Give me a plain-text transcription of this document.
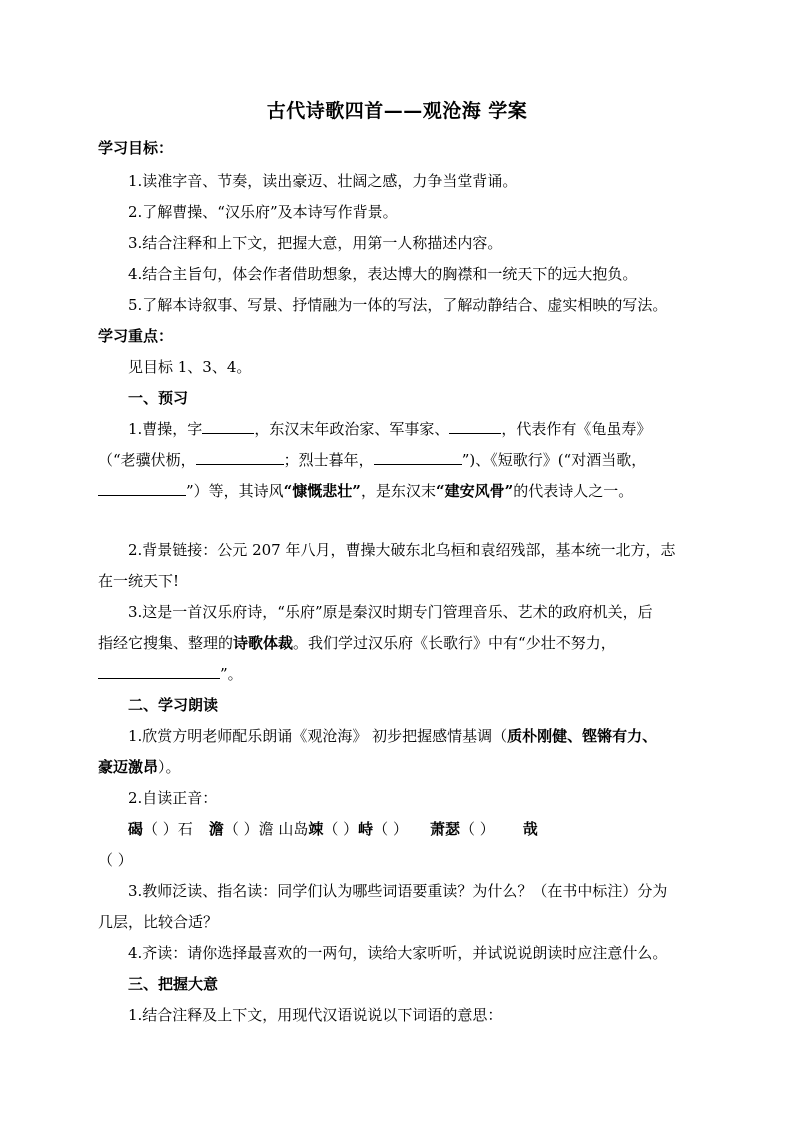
古代诗歌四首——观沧海 学案
学习目标：
1.读准字音、节奏，读出豪迈、壮阔之感，力争当堂背诵。
2.了解曹操、“汉乐府”及本诗写作背景。
3.结合注释和上下文，把握大意，用第一人称描述内容。
4.结合主旨句，体会作者借助想象，表达博大的胸襟和一统天下的远大抱负。
5.了解本诗叙事、写景、抒情融为一体的写法，了解动静结合、虚实相映的写法。
学习重点：
见目标 1、3、4。
一、预习
1.曹操，字	，东汉末年政治家、军事家、	，代表作有《龟虽寿》
（“老骥伏枥，	；烈士暮年，	”)、《短歌行》(“对酒当歌，
”）等，其诗风“慷慨悲壮”，是东汉末“建安风骨”的代表诗人之一。
2.背景链接：公元 207 年八月，曹操大破东北乌桓和袁绍残部，基本统一北方，志
在一统天下!
3.这是一首汉乐府诗，“乐府”原是秦汉时期专门管理音乐、艺术的政府机关，后
指经它搜集、整理的诗歌体裁。我们学过汉乐府《长歌行》中有“少壮不努力，
”。
二、学习朗读
1.欣赏方明老师配乐朗诵《观沧海》 初步把握感情基调（质朴刚健、铿锵有力、
豪迈激昂）。
2.自读正音：
碣（ ）石 澹（ ）澹 山岛竦（ ）峙（ ） 萧瑟（ ） 哉
（ ）
3.教师泛读、指名读：同学们认为哪些词语要重读？为什么？（在书中标注）分为
几层，比较合适？
4.齐读：请你选择最喜欢的一两句，读给大家听听，并试说说朗读时应注意什么。
三、把握大意
1.结合注释及上下文，用现代汉语说说以下词语的意思：
